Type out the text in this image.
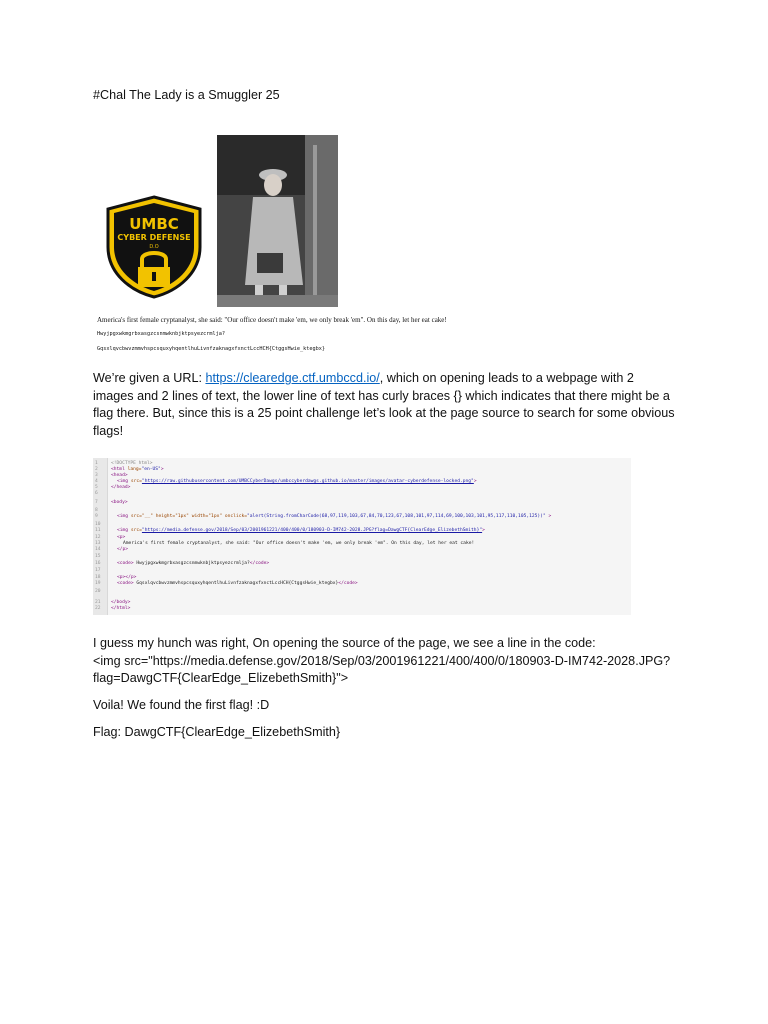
#Chal The Lady is a Smuggler 25

UMBC
CYBER DEFENSE
D.O
America's first female cryptanalyst, she said: "Our office doesn't make 'em, we only break 'em". On this day, let her eat cake!
Hwyjpgxwkmgrbxasgzcsnmwknbjktpsyezcrmlja?
GqsxlqvcbwvzmmvhspcsquxyhqentlhuLivnfzaknagxfxnctLccHCH{CtggsHwie_ktegbx}

We’re given a URL: https://clearedge.ctf.umbccd.io/, which on opening leads to a webpage with 2 images and 2 lines of text, the lower line of text has curly braces {} which indicates that there might be a flag there. But, since this is a 25 point challenge let’s look at the page source to search for some obvious flags!

1	<!DOCTYPE html>
2	<html lang="en-US">
3	<head>
4	<img src="https://raw.githubusercontent.com/UMBCCyberDawgs/umbccyberdawgs.github.io/master/images/avatar-cyberdefense-locked.png">
5	</head>
6
7	<body>
8
9	<img src="__" height="1px" width="1px" onclick="alert(String.fromCharCode(68,97,119,103,67,84,70,123,67,108,101,97,114,69,100,103,101,95,117,110,105,125))" >
10
11	<img src="https://media.defense.gov/2018/Sep/03/2001961221/400/400/0/180903-D-IM742-2028.JPG?flag=DawgCTF{ClearEdge_ElizebethSmith}">
12	<p>
13	America's first female cryptanalyst, she said: "Our office doesn't make 'em, we only break 'em". On this day, let her eat cake!
14	</p>
15
16	<code> Hwyjpgxwkmgrbxasgzcsnmwknbjktpsyezcrmlja?</code>
17
18	<p></p>
19	<code> GqsxlqvcbwvzmmvhspcsquxyhqentlhuLivnfzaknagxfxnctLccHCH{CtggsHwie_ktegbx}</code>
20
21 </body>
22 </html>

I guess my hunch was right, On opening the source of the page, we see a line in the code:
<img src="https://media.defense.gov/2018/Sep/03/2001961221/400/400/0/180903-D-IM742-2028.JPG?flag=DawgCTF{ClearEdge_ElizebethSmith}">

Voila! We found the first flag! :D

Flag: DawgCTF{ClearEdge_ElizebethSmith}
